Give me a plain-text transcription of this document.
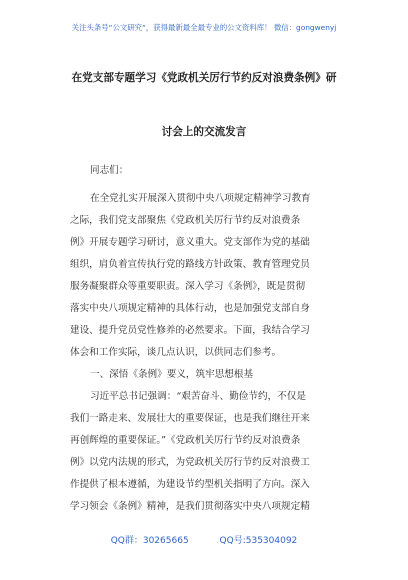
关注头条号“公文研究”，获得最新最全最专业的公文资料库！ 微信：gongwenyj
在党支部专题学习《党政机关厉行节约反对浪费条例》研
讨会上的交流发言
同志们：
在全党扎实开展深入贯彻中央八项规定精神学习教育
之际，我们党支部聚焦《党政机关厉行节约反对浪费条
例》开展专题学习研讨，意义重大。党支部作为党的基础
组织，肩负着宣传执行党的路线方针政策、教育管理党员
服务凝聚群众等重要职责。深入学习《条例》，既是贯彻
落实中央八项规定精神的具体行动，也是加强党支部自身
建设、提升党员党性修养的必然要求。下面，我结合学习
体会和工作实际，谈几点认识，以供同志们参考。
一、深悟《条例》要义，筑牢思想根基
习近平总书记强调：“艰苦奋斗、勤俭节约，不仅是
我们一路走来、发展壮大的重要保证，也是我们继往开来
再创辉煌的重要保证。”《党政机关厉行节约反对浪费条
例》以党内法规的形式，为党政机关厉行节约反对浪费工
作提供了根本遵循，为建设节约型机关指明了方向。深入
学习领会《条例》精神，是我们贯彻落实中央八项规定精
QQ群：30265665	QQ号:535304092
